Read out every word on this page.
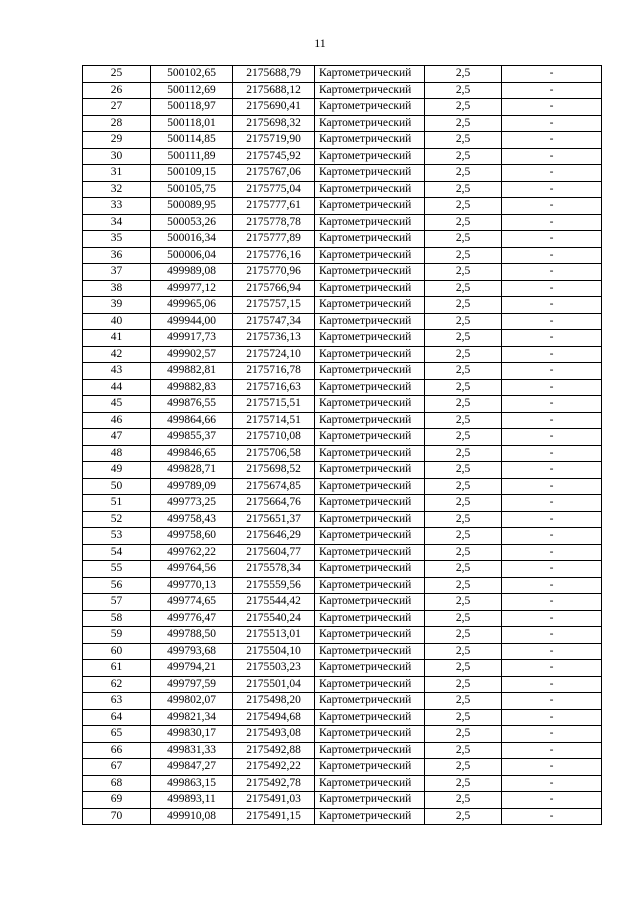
11
25	500102,65	2175688,79	Картометрический	2,5	-
26	500112,69	2175688,12	Картометрический	2,5	-
27	500118,97	2175690,41	Картометрический	2,5	-
28	500118,01	2175698,32	Картометрический	2,5	-
29	500114,85	2175719,90	Картометрический	2,5	-
30	500111,89	2175745,92	Картометрический	2,5	-
31	500109,15	2175767,06	Картометрический	2,5	-
32	500105,75	2175775,04	Картометрический	2,5	-
33	500089,95	2175777,61	Картометрический	2,5	-
34	500053,26	2175778,78	Картометрический	2,5	-
35	500016,34	2175777,89	Картометрический	2,5	-
36	500006,04	2175776,16	Картометрический	2,5	-
37	499989,08	2175770,96	Картометрический	2,5	-
38	499977,12	2175766,94	Картометрический	2,5	-
39	499965,06	2175757,15	Картометрический	2,5	-
40	499944,00	2175747,34	Картометрический	2,5	-
41	499917,73	2175736,13	Картометрический	2,5	-
42	499902,57	2175724,10	Картометрический	2,5	-
43	499882,81	2175716,78	Картометрический	2,5	-
44	499882,83	2175716,63	Картометрический	2,5	-
45	499876,55	2175715,51	Картометрический	2,5	-
46	499864,66	2175714,51	Картометрический	2,5	-
47	499855,37	2175710,08	Картометрический	2,5	-
48	499846,65	2175706,58	Картометрический	2,5	-
49	499828,71	2175698,52	Картометрический	2,5	-
50	499789,09	2175674,85	Картометрический	2,5	-
51	499773,25	2175664,76	Картометрический	2,5	-
52	499758,43	2175651,37	Картометрический	2,5	-
53	499758,60	2175646,29	Картометрический	2,5	-
54	499762,22	2175604,77	Картометрический	2,5	-
55	499764,56	2175578,34	Картометрический	2,5	-
56	499770,13	2175559,56	Картометрический	2,5	-
57	499774,65	2175544,42	Картометрический	2,5	-
58	499776,47	2175540,24	Картометрический	2,5	-
59	499788,50	2175513,01	Картометрический	2,5	-
60	499793,68	2175504,10	Картометрический	2,5	-
61	499794,21	2175503,23	Картометрический	2,5	-
62	499797,59	2175501,04	Картометрический	2,5	-
63	499802,07	2175498,20	Картометрический	2,5	-
64	499821,34	2175494,68	Картометрический	2,5	-
65	499830,17	2175493,08	Картометрический	2,5	-
66	499831,33	2175492,88	Картометрический	2,5	-
67	499847,27	2175492,22	Картометрический	2,5	-
68	499863,15	2175492,78	Картометрический	2,5	-
69	499893,11	2175491,03	Картометрический	2,5	-
70	499910,08	2175491,15	Картометрический	2,5	-
